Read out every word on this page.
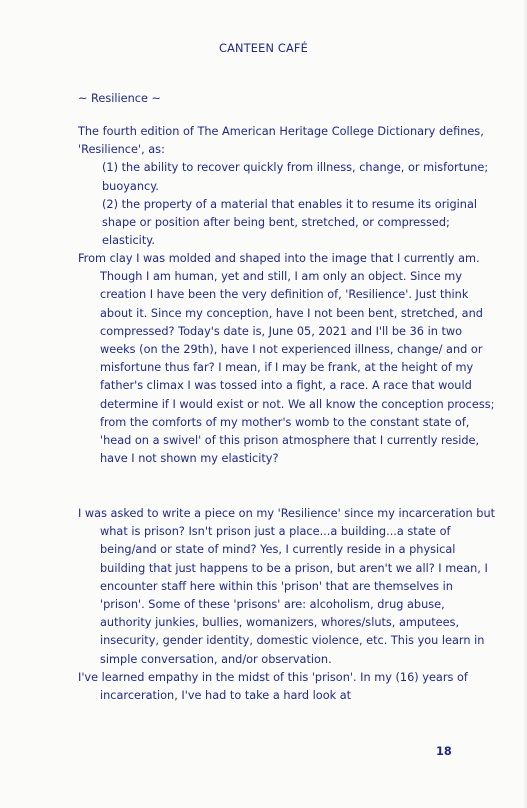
CANTEEN CAFÉ
~ Resilience ~
The fourth edition of The American Heritage College Dictionary defines, 'Resilience', as:

(1) the ability to recover quickly from illness, change, or misfortune; buoyancy.

(2) the property of a material that enables it to resume its original shape or position after being bent, stretched, or compressed; elasticity.

From clay I was molded and shaped into the image that I currently am. Though I am human, yet and still, I am only an object. Since my creation I have been the very definition of, 'Resilience'. Just think about it. Since my conception, have I not been bent, stretched, and compressed? Today's date is, June 05, 2021 and I'll be 36 in two weeks (on the 29th), have I not experienced illness, change/ and or misfortune thus far? I mean, if I may be frank, at the height of my father's climax I was tossed into a fight, a race. A race that would determine if I would exist or not. We all know the conception process; from the comforts of my mother's womb to the constant state of, 'head on a swivel' of this prison atmosphere that I currently reside, have I not shown my elasticity?

I was asked to write a piece on my 'Resilience' since my incarceration but what is prison? Isn't prison just a place...a building...a state of being/and or state of mind? Yes, I currently reside in a physical building that just happens to be a prison, but aren't we all? I mean, I encounter staff here within this 'prison' that are themselves in 'prison'. Some of these 'prisons' are: alcoholism, drug abuse, authority junkies, bullies, womanizers, whores/sluts, amputees, insecurity, gender identity, domestic violence, etc. This you learn in simple conversation, and/or observation.

I've learned empathy in the midst of this 'prison'. In my (16) years of incarceration, I've had to take a hard look at

18
